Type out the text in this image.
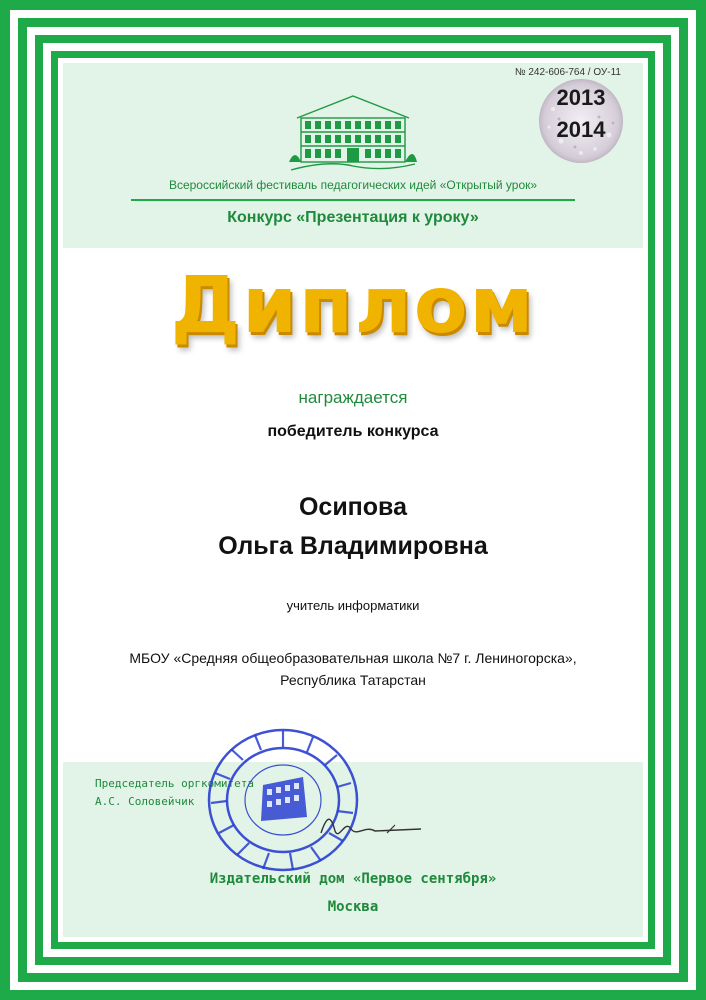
№ 242-606-764 / ОУ-11
2013
2014
Всероссийский фестиваль педагогических идей «Открытый урок»
Конкурс «Презентация к уроку»
Диплом
награждается
победитель конкурса
Осипова
Ольга Владимировна
учитель информатики
МБОУ «Средняя общеобразовательная школа №7 г. Лениногорска»,
Республика Татарстан
Председатель оргкомитета
А.С. Соловейчик
Издательский дом «Первое сентября»
Москва
